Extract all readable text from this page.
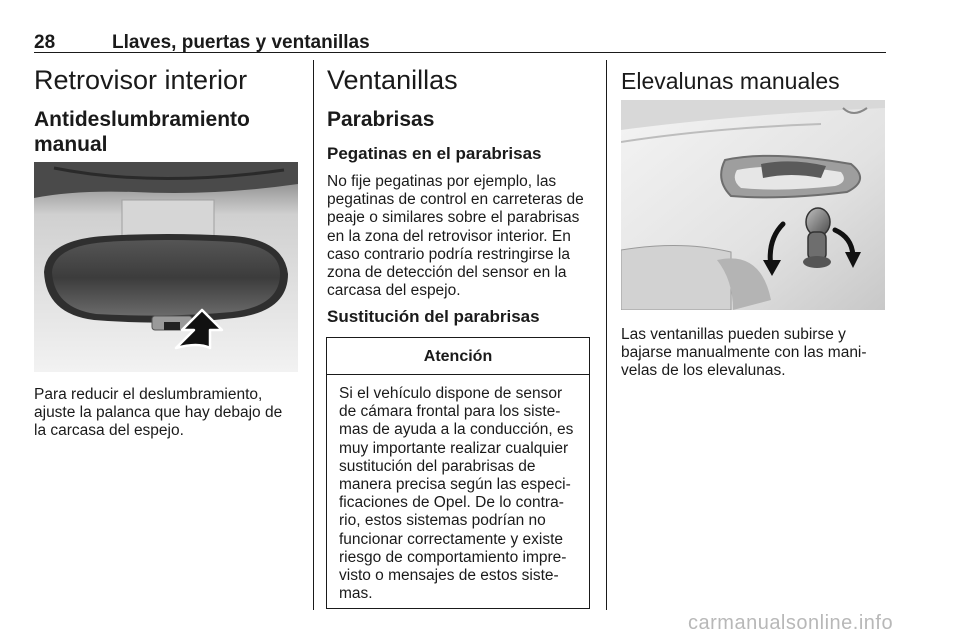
28	Llaves, puertas y ventanillas
Retrovisor interior
Antideslumbramiento
manual
Para reducir el deslumbramiento,
ajuste la palanca que hay debajo de
la carcasa del espejo.
Ventanillas
Parabrisas
Pegatinas en el parabrisas
No fije pegatinas por ejemplo, las
pegatinas de control en carreteras de
peaje o similares sobre el parabrisas
en la zona del retrovisor interior. En
caso contrario podría restringirse la
zona de detección del sensor en la
carcasa del espejo.
Sustitución del parabrisas
Atención
Si el vehículo dispone de sensor
de cámara frontal para los siste-
mas de ayuda a la conducción, es
muy importante realizar cualquier
sustitución del parabrisas de
manera precisa según las especi-
ficaciones de Opel. De lo contra-
rio, estos sistemas podrían no
funcionar correctamente y existe
riesgo de comportamiento impre-
visto o mensajes de estos siste-
mas.
Elevalunas manuales
Las ventanillas pueden subirse y
bajarse manualmente con las mani-
velas de los elevalunas.
carmanualsonline.info
